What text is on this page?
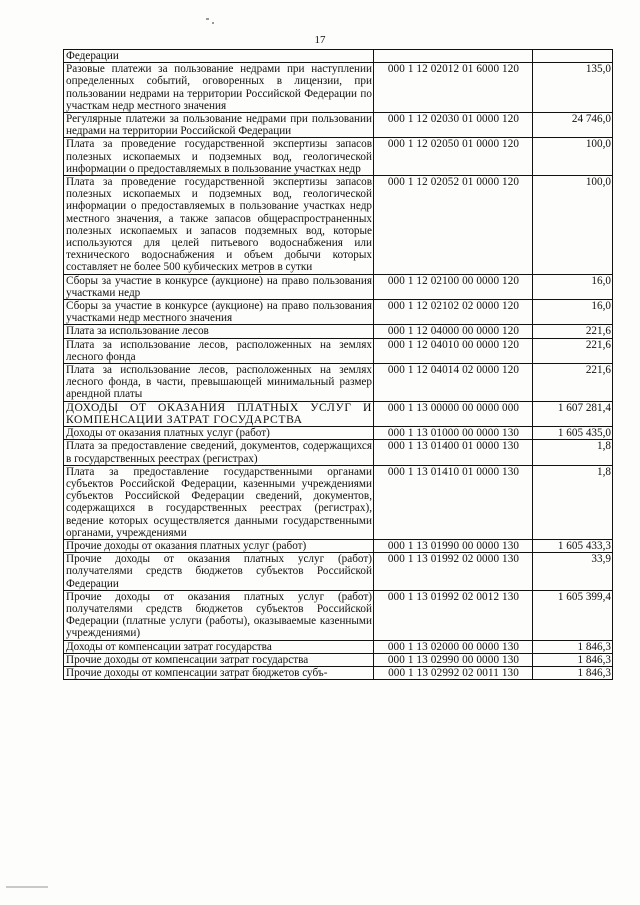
17
Федерации		
Разовые платежи за пользование недрами при наступлении определенных событий, оговоренных в лицензии, при пользовании недрами на территории Российской Федерации по участкам недр местного значения	000 1 12 02012 01 6000 120	135,0
Регулярные платежи за пользование недрами при пользовании недрами на территории Российской Федерации	000 1 12 02030 01 0000 120	24 746,0
Плата за проведение государственной экспертизы запасов полезных ископаемых и подземных вод, геологической информации о предоставляемых в пользование участках недр	000 1 12 02050 01 0000 120	100,0
Плата за проведение государственной экспертизы запасов полезных ископаемых и подземных вод, геологической информации о предоставляемых в пользование участках недр местного значения, а также запасов общераспространенных полезных ископаемых и запасов подземных вод, которые используются для целей питьевого водоснабжения или технического водоснабжения и объем добычи которых составляет не более 500 кубических метров в сутки	000 1 12 02052 01 0000 120	100,0
Сборы за участие в конкурсе (аукционе) на право пользования участками недр	000 1 12 02100 00 0000 120	16,0
Сборы за участие в конкурсе (аукционе) на право пользования участками недр местного значения	000 1 12 02102 02 0000 120	16,0
Плата за использование лесов	000 1 12 04000 00 0000 120	221,6
Плата за использование лесов, расположенных на землях лесного фонда	000 1 12 04010 00 0000 120	221,6
Плата за использование лесов, расположенных на землях лесного фонда, в части, превышающей минимальный размер арендной платы	000 1 12 04014 02 0000 120	221,6
ДОХОДЫ ОТ ОКАЗАНИЯ ПЛАТНЫХ УСЛУГ И КОМПЕНСАЦИИ ЗАТРАТ ГОСУДАРСТВА	000 1 13 00000 00 0000 000	1 607 281,4
Доходы от оказания платных услуг (работ)	000 1 13 01000 00 0000 130	1 605 435,0
Плата за предоставление сведений, документов, содержащихся в государственных реестрах (регистрах)	000 1 13 01400 01 0000 130	1,8
Плата за предоставление государственными органами субъектов Российской Федерации, казенными учреждениями субъектов Российской Федерации сведений, документов, содержащихся в государственных реестрах (регистрах), ведение которых осуществляется данными государственными органами, учреждениями	000 1 13 01410 01 0000 130	1,8
Прочие доходы от оказания платных услуг (работ)	000 1 13 01990 00 0000 130	1 605 433,3
Прочие доходы от оказания платных услуг (работ) получателями средств бюджетов субъектов Российской Федерации	000 1 13 01992 02 0000 130	33,9
Прочие доходы от оказания платных услуг (работ) получателями средств бюджетов субъектов Российской Федерации (платные услуги (работы), оказываемые казенными учреждениями)	000 1 13 01992 02 0012 130	1 605 399,4
Доходы от компенсации затрат государства	000 1 13 02000 00 0000 130	1 846,3
Прочие доходы от компенсации затрат государства	000 1 13 02990 00 0000 130	1 846,3
Прочие доходы от компенсации затрат бюджетов субъ-	000 1 13 02992 02 0011 130	1 846,3
